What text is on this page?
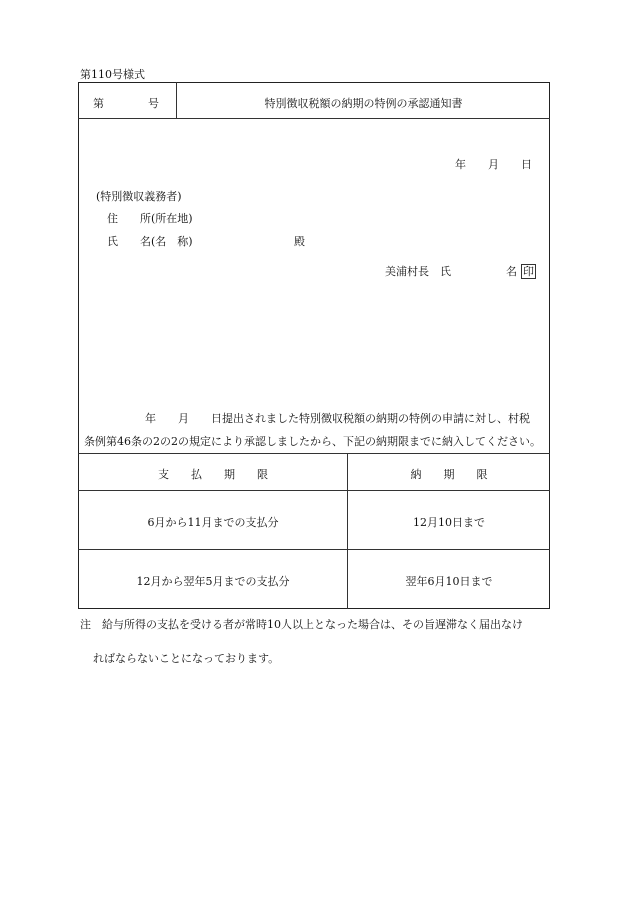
第110号様式
第　　　　号	特別徴収税額の納期の特例の承認通知書
年　　月　　日
(特別徴収義務者)
住　　所(所在地)
氏　　名(名　称)	殿
美浦村長　氏　　　　　名 印
年　　月　　日提出されました特別徴収税額の納期の特例の申請に対し、村税
条例第46条の2の2の規定により承認しましたから、下記の納期限までに納入してください。
支　　払　　期　　限	納　　期　　限
6月から11月までの支払分	12月10日まで
12月から翌年5月までの支払分	翌年6月10日まで
注　給与所得の支払を受ける者が常時10人以上となった場合は、その旨遅滞なく届出なけ
ればならないことになっております。
